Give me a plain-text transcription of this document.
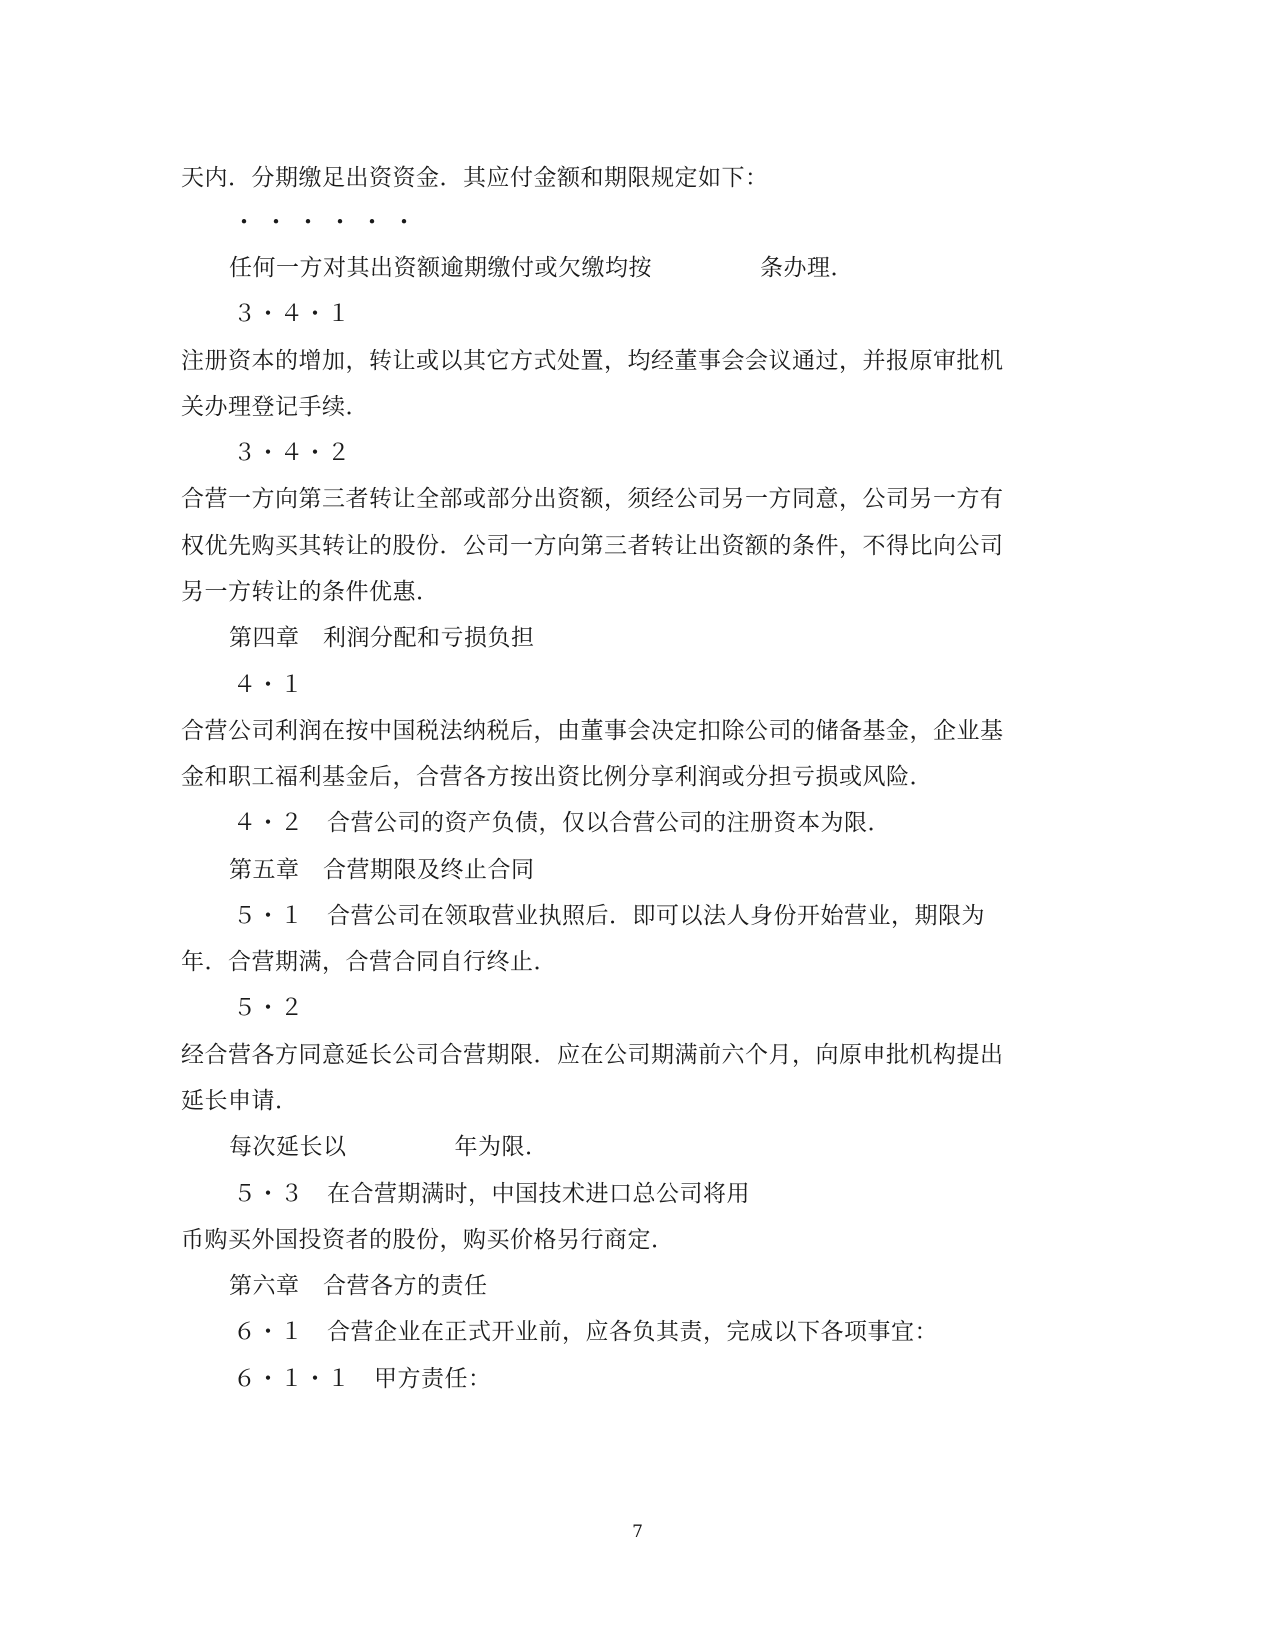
天内．分期缴足出资资金．其应付金额和期限规定如下：
・・・・・・
任何一方对其出资额逾期缴付或欠缴均按	条办理．
３・４・１
注册资本的增加，转让或以其它方式处置，均经董事会会议通过，并报原审批机
关办理登记手续．
３・４・２
合营一方向第三者转让全部或部分出资额，须经公司另一方同意，公司另一方有
权优先购买其转让的股份．公司一方向第三者转让出资额的条件，不得比向公司
另一方转让的条件优惠．
第四章　利润分配和亏损负担
４・１
合营公司利润在按中国税法纳税后，由董事会决定扣除公司的储备基金，企业基
金和职工福利基金后，合营各方按出资比例分享利润或分担亏损或风险．
４・２　合营公司的资产负债，仅以合营公司的注册资本为限．
第五章　合营期限及终止合同
５・１　合营公司在领取营业执照后．即可以法人身份开始营业，期限为
年．合营期满，合营合同自行终止．
５・２
经合营各方同意延长公司合营期限．应在公司期满前六个月，向原申批机构提出
延长申请．
每次延长以	年为限．
５・３　在合营期满时，中国技术进口总公司将用
币购买外国投资者的股份，购买价格另行商定．
第六章　合营各方的责任
６・１　合营企业在正式开业前，应各负其责，完成以下各项事宜：
６・１・１　甲方责任：
7
